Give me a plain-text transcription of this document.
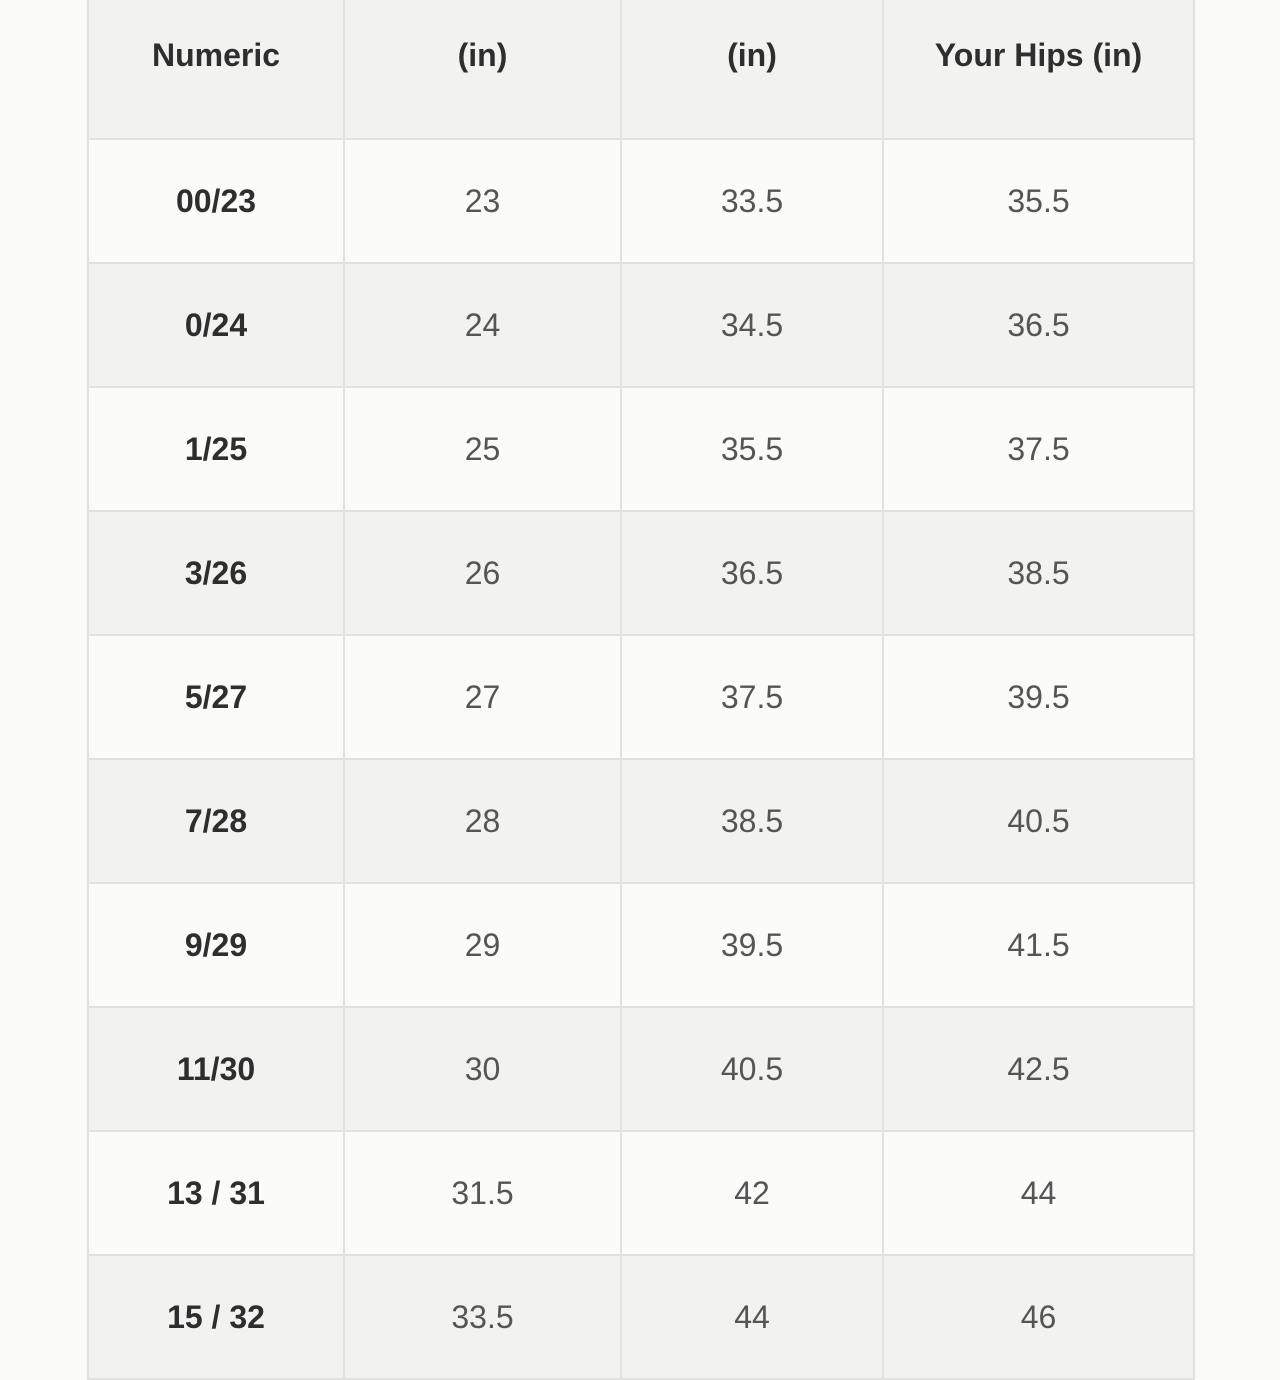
Numeric	(in)	(in)	Your Hips (in)

00/23	23	33.5	35.5
0/24	24	34.5	36.5
1/25	25	35.5	37.5
3/26	26	36.5	38.5
5/27	27	37.5	39.5
7/28	28	38.5	40.5
9/29	29	39.5	41.5
11/30	30	40.5	42.5
13 / 31	31.5	42	44
15 / 32	33.5	44	46
